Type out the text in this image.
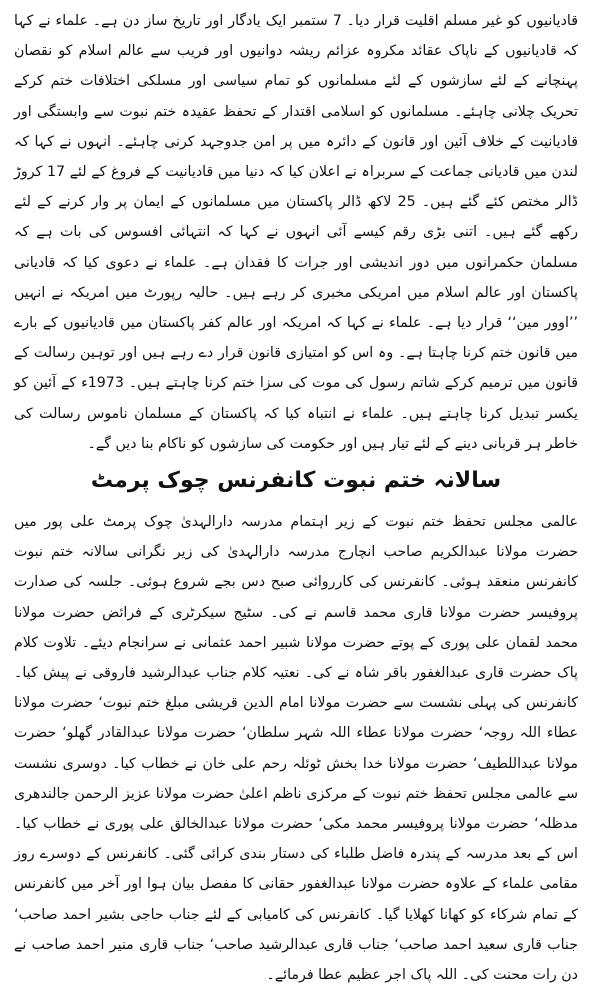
قادیانیوں کو غیر مسلم اقلیت قرار دیا۔ 7 ستمبر ایک یادگار اور تاریخ ساز دن ہے۔ علماء نے کہا کہ قادیانیوں کے ناپاک عقائد مکروہ عزائم ریشہ دوانیوں اور فریب سے عالم اسلام کو نقصان پہنچانے کے لئے سازشوں کے لئے مسلمانوں کو تمام سیاسی اور مسلکی اختلافات ختم کرکے تحریک چلانی چاہئے۔ مسلمانوں کو اسلامی اقتدار کے تحفظ عقیدہ ختم نبوت سے وابستگی اور قادیانیت کے خلاف آئین اور قانون کے دائرہ میں پر امن جدوجہد کرنی چاہئے۔ انہوں نے کہا کہ لندن میں قادیانی جماعت کے سربراہ نے اعلان کیا کہ دنیا میں قادیانیت کے فروغ کے لئے 17 کروڑ ڈالر مختص کئے گئے ہیں۔ 25 لاکھ ڈالر پاکستان میں مسلمانوں کے ایمان پر وار کرنے کے لئے رکھے گئے ہیں۔ اتنی بڑی رقم کیسے آئی انہوں نے کہا کہ انتہائی افسوس کی بات ہے کہ مسلمان حکمرانوں میں دور اندیشی اور جرات کا فقدان ہے۔ علماء نے دعوی کیا کہ قادیانی پاکستان اور عالم اسلام میں امریکی مخبری کر رہے ہیں۔ حالیہ رپورٹ میں امریکہ نے انہیں ’’اوور مین‘‘ قرار دیا ہے۔ علماء نے کہا کہ امریکہ اور عالم کفر پاکستان میں قادیانیوں کے بارے میں قانون ختم کرنا چاہتا ہے۔ وہ اس کو امتیازی قانون قرار دے رہے ہیں اور توہین رسالت کے قانون میں ترمیم کرکے شاتم رسول کی موت کی سزا ختم کرنا چاہتے ہیں۔ 1973ء کے آئین کو یکسر تبدیل کرنا چاہتے ہیں۔ علماء نے انتباہ کیا کہ پاکستان کے مسلمان ناموس رسالت کی خاطر ہر قربانی دینے کے لئے تیار ہیں اور حکومت کی سازشوں کو ناکام بنا دیں گے۔

سالانہ ختم نبوت کانفرنس چوک پرمٹ

عالمی مجلس تحفظ ختم نبوت کے زیر اہتمام مدرسہ دارالہدیٰ چوک پرمٹ علی پور میں حضرت مولانا عبدالکریم صاحب انچارج مدرسہ دارالہدیٰ کی زیر نگرانی سالانہ ختم نبوت کانفرنس منعقد ہوئی۔ کانفرنس کی کارروائی صبح دس بجے شروع ہوئی۔ جلسہ کی صدارت پروفیسر حضرت مولانا قاری محمد قاسم نے کی۔ سٹیج سیکرٹری کے فرائض حضرت مولانا محمد لقمان علی پوری کے پوتے حضرت مولانا شبیر احمد عثمانی نے سرانجام دیئے۔ تلاوت کلام پاک حضرت قاری عبدالغفور باقر شاہ نے کی۔ نعتیہ کلام جناب عبدالرشید فاروقی نے پیش کیا۔ کانفرنس کی پہلی نشست سے حضرت مولانا امام الدین قریشی مبلغ ختم نبوت‘ حضرت مولانا عطاء اللہ روجہ‘ حضرت مولانا عطاء اللہ شہر سلطان‘ حضرت مولانا عبدالقادر گھلو‘ حضرت مولانا عبداللطیف‘ حضرت مولانا خدا بخش ٹوئلہ رحم علی خان نے خطاب کیا۔ دوسری نشست سے عالمی مجلس تحفظ ختم نبوت کے مرکزی ناظم اعلیٰ حضرت مولانا عزیز الرحمن جالندھری مدظلہ‘ حضرت مولانا پروفیسر محمد مکی‘ حضرت مولانا عبدالخالق علی پوری نے خطاب کیا۔ اس کے بعد مدرسہ کے پندرہ فاضل طلباء کی دستار بندی کرائی گئی۔ کانفرنس کے دوسرے روز مقامی علماء کے علاوہ حضرت مولانا عبدالغفور حقانی کا مفصل بیان ہوا اور آخر میں کانفرنس کے تمام شرکاء کو کھانا کھلایا گیا۔ کانفرنس کی کامیابی کے لئے جناب حاجی بشیر احمد صاحب‘ جناب قاری سعید احمد صاحب‘ جناب قاری عبدالرشید صاحب‘ جناب قاری منیر احمد صاحب نے دن رات محنت کی۔ اللہ پاک اجر عظیم عطا فرمائے۔
